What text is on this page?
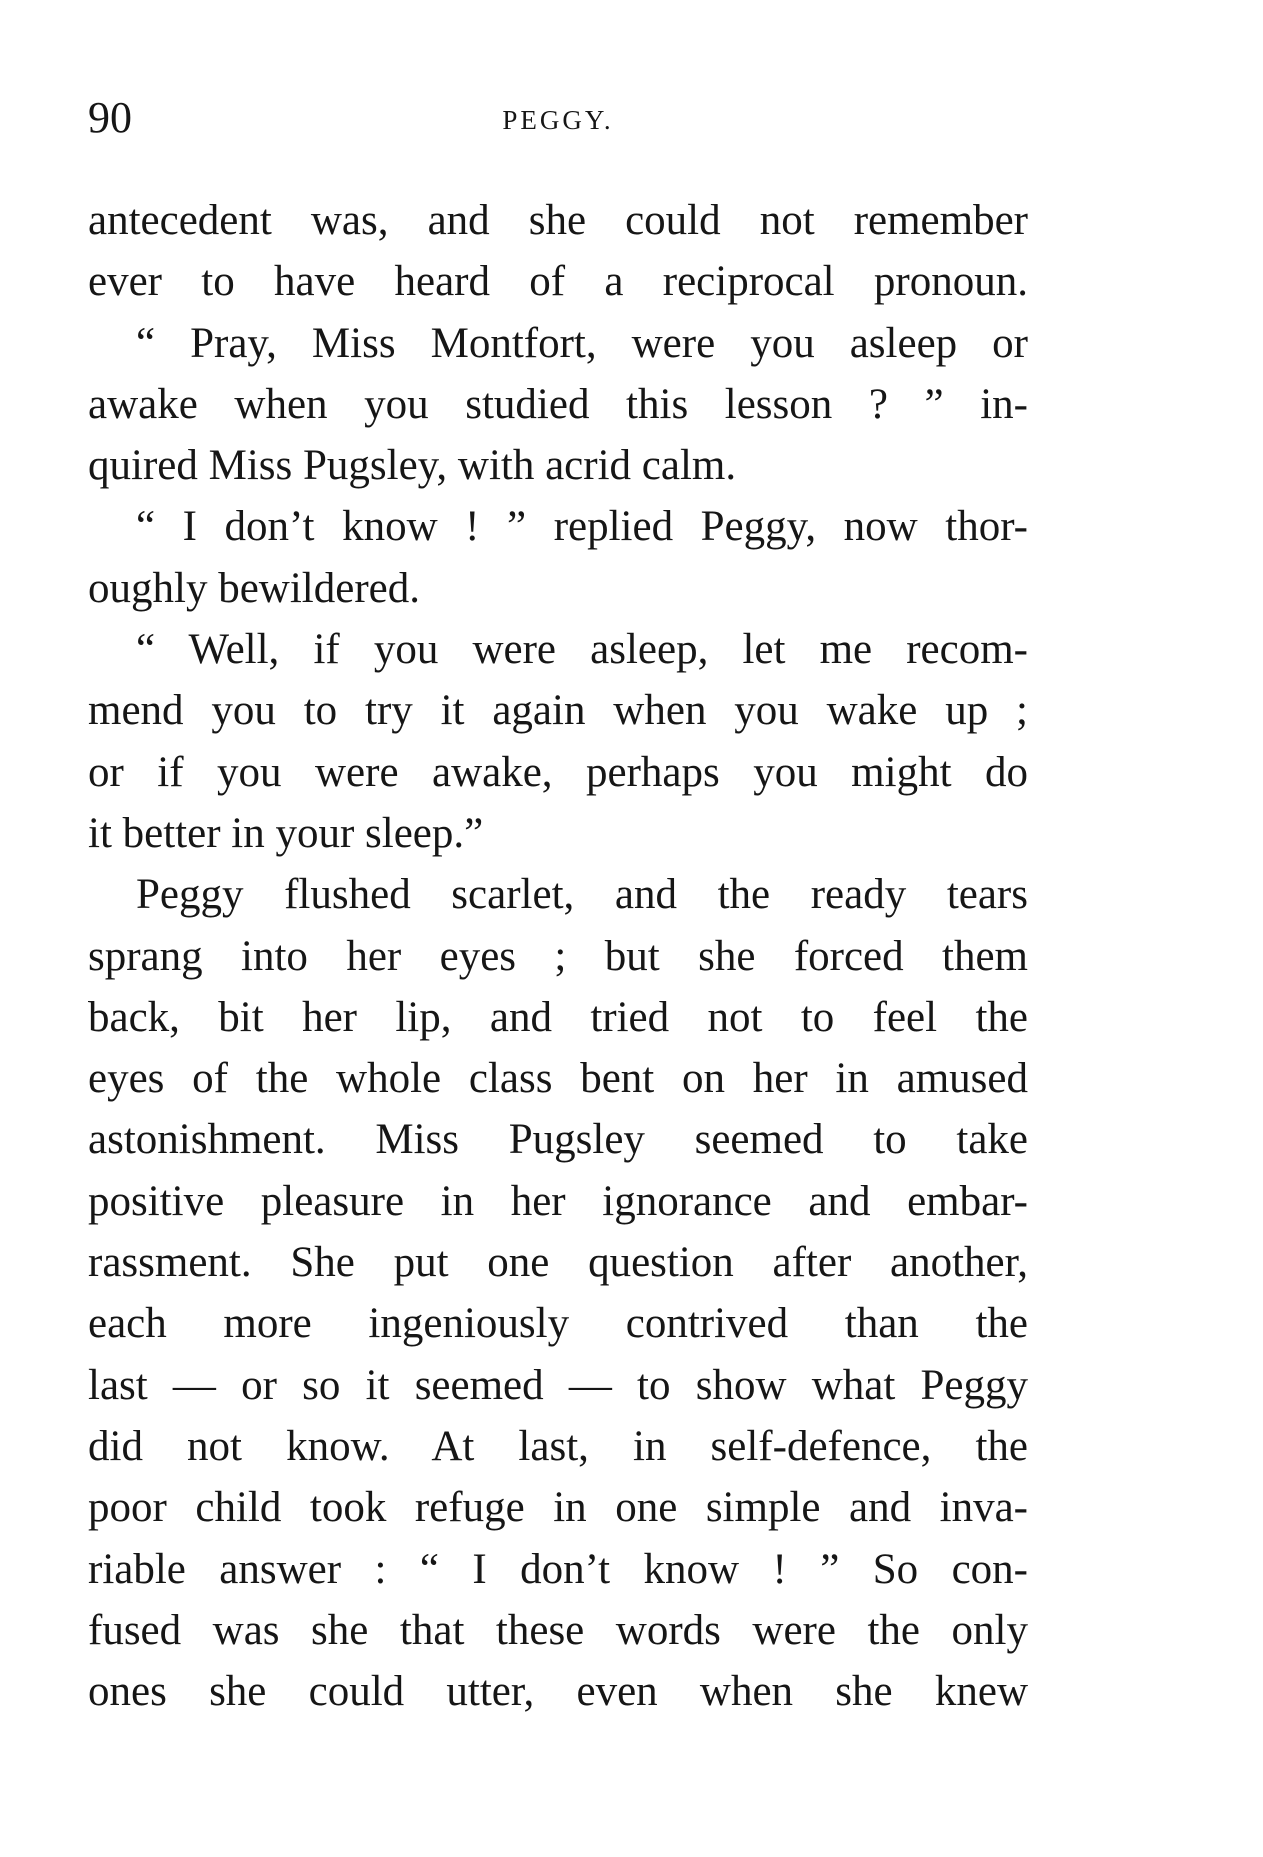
90	PEGGY.
antecedent was, and she could not remember
ever to have heard of a reciprocal pronoun.
“ Pray, Miss Montfort, were you asleep or
awake when you studied this lesson ? ” in-
quired Miss Pugsley, with acrid calm.
“ I don’t know ! ” replied Peggy, now thor-
oughly bewildered.
“ Well, if you were asleep, let me recom-
mend you to try it again when you wake up ;
or if you were awake, perhaps you might do
it better in your sleep.”
Peggy flushed scarlet, and the ready tears
sprang into her eyes ; but she forced them
back, bit her lip, and tried not to feel the
eyes of the whole class bent on her in amused
astonishment. Miss Pugsley seemed to take
positive pleasure in her ignorance and embar-
rassment. She put one question after another,
each more ingeniously contrived than the
last — or so it seemed — to show what Peggy
did not know. At last, in self-defence, the
poor child took refuge in one simple and inva-
riable answer : “ I don’t know ! ” So con-
fused was she that these words were the only
ones she could utter, even when she knew
